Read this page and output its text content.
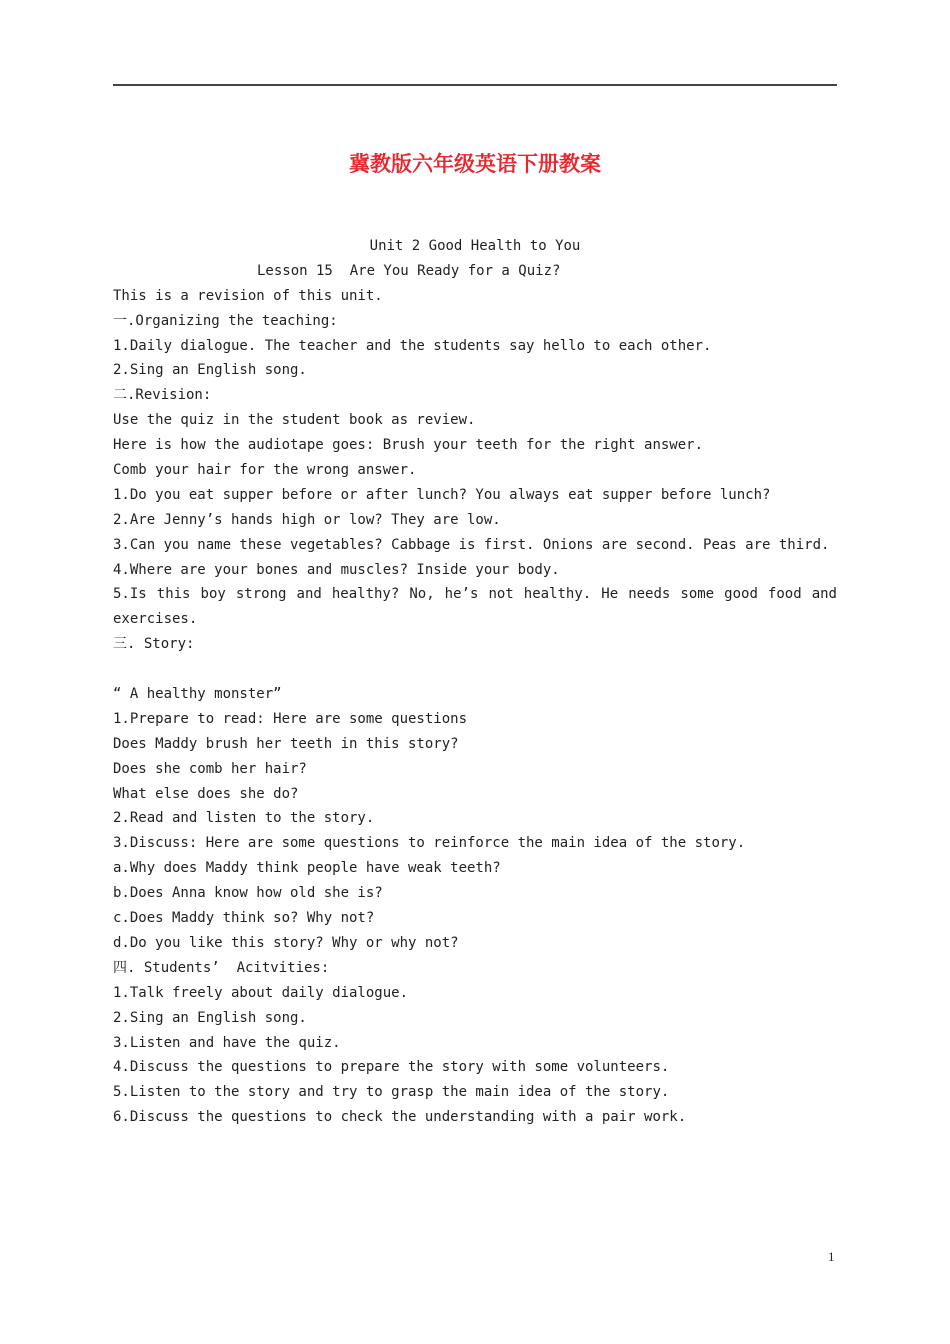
冀教版六年级英语下册教案
Unit 2 Good Health to You
Lesson 15  Are You Ready for a Quiz?
This is a revision of this unit.
一.Organizing the teaching:
1.Daily dialogue. The teacher and the students say hello to each other.
2.Sing an English song.
二.Revision:
Use the quiz in the student book as review.
Here is how the audiotape goes: Brush your teeth for the right answer.
Comb your hair for the wrong answer.
1.Do you eat supper before or after lunch? You always eat supper before lunch?
2.Are Jenny’s hands high or low? They are low.
3.Can you name these vegetables? Cabbage is first. Onions are second. Peas are third.
4.Where are your bones and muscles? Inside your body.
5.Is this boy strong and healthy? No, he’s not healthy. He needs some good food and
exercises.
三. Story:
“ A healthy monster”
1.Prepare to read: Here are some questions
Does Maddy brush her teeth in this story?
Does she comb her hair?
What else does she do?
2.Read and listen to the story.
3.Discuss: Here are some questions to reinforce the main idea of the story.
a.Why does Maddy think people have weak teeth?
b.Does Anna know how old she is?
c.Does Maddy think so? Why not?
d.Do you like this story? Why or why not?
四. Students’  Acitvities:
1.Talk freely about daily dialogue.
2.Sing an English song.
3.Listen and have the quiz.
4.Discuss the questions to prepare the story with some volunteers.
5.Listen to the story and try to grasp the main idea of the story.
6.Discuss the questions to check the understanding with a pair work.
1
